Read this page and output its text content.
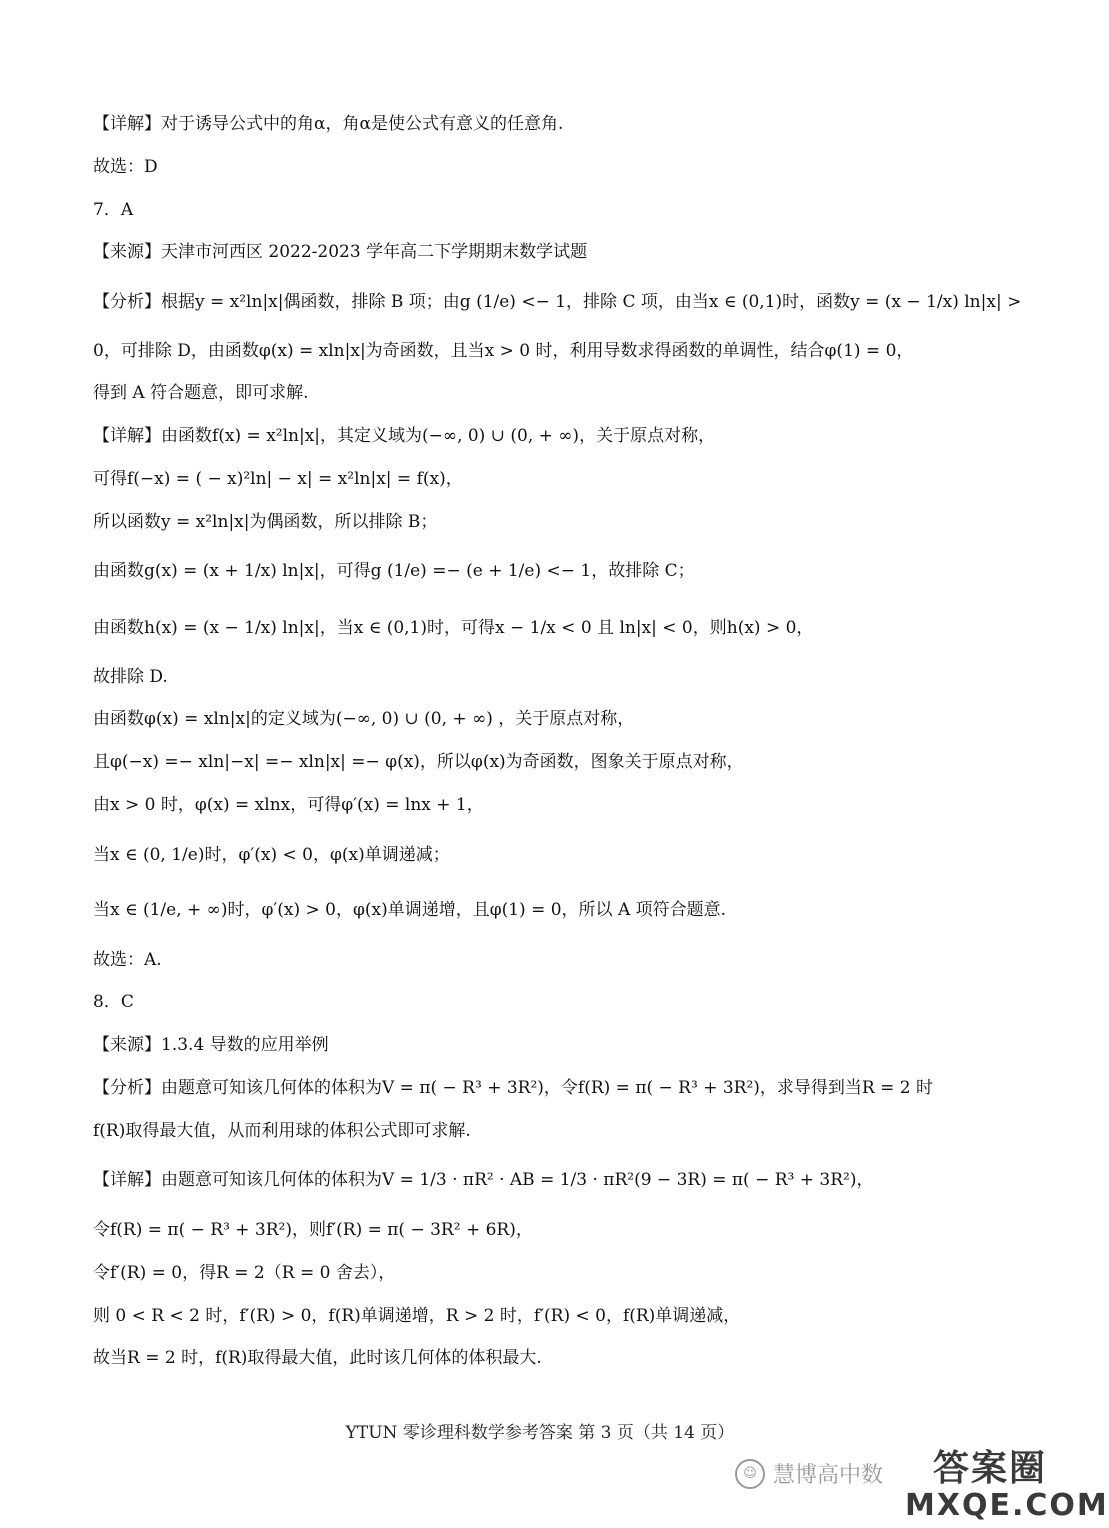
【详解】对于诱导公式中的角α，角α是使公式有意义的任意角.
故选：D
7．A
【来源】天津市河西区 2022-2023 学年高二下学期期末数学试题
【分析】根据y = x²ln|x|偶函数，排除 B 项；由g (1/e) <− 1，排除 C 项，由当x ∈ (0,1)时，函数y = (x − 1/x) ln|x| >
0，可排除 D，由函数φ(x) = xln|x|为奇函数，且当x > 0 时，利用导数求得函数的单调性，结合φ(1) = 0，
得到 A 符合题意，即可求解.
【详解】由函数f(x) = x²ln|x|，其定义域为(−∞, 0) ∪ (0, + ∞)，关于原点对称，
可得f(−x) = ( − x)²ln| − x| = x²ln|x| = f(x)，
所以函数y = x²ln|x|为偶函数，所以排除 B；
由函数g(x) = (x + 1/x) ln|x|，可得g (1/e) =− (e + 1/e) <− 1，故排除 C；
由函数h(x) = (x − 1/x) ln|x|，当x ∈ (0,1)时，可得x − 1/x < 0 且 ln|x| < 0，则h(x) > 0，
故排除 D.
由函数φ(x) = xln|x|的定义域为(−∞, 0) ∪ (0, + ∞) ，关于原点对称，
且φ(−x) =− xln|−x| =− xln|x| =− φ(x)，所以φ(x)为奇函数，图象关于原点对称，
由x > 0 时，φ(x) = xlnx，可得φ′(x) = lnx + 1，
当x ∈ (0, 1/e)时，φ′(x) < 0，φ(x)单调递减；
当x ∈ (1/e, + ∞)时，φ′(x) > 0，φ(x)单调递增，且φ(1) = 0，所以 A 项符合题意.
故选：A.
8．C
【来源】1.3.4 导数的应用举例
【分析】由题意可知该几何体的体积为V = π( − R³ + 3R²)，令f(R) = π( − R³ + 3R²)，求导得到当R = 2 时
f(R)取得最大值，从而利用球的体积公式即可求解.
【详解】由题意可知该几何体的体积为V = 1/3 · πR² · AB = 1/3 · πR²(9 − 3R) = π( − R³ + 3R²)，
令f(R) = π( − R³ + 3R²)，则f′(R) = π( − 3R² + 6R)，
令f′(R) = 0，得R = 2（R = 0 舍去），
则 0 < R < 2 时，f′(R) > 0，f(R)单调递增，R > 2 时，f′(R) < 0，f(R)单调递减，
故当R = 2 时，f(R)取得最大值，此时该几何体的体积最大.
YTUN 零诊理科数学参考答案 第 3 页（共 14 页）
☺ 慧博高中数	答案圈
MXQE.COM
